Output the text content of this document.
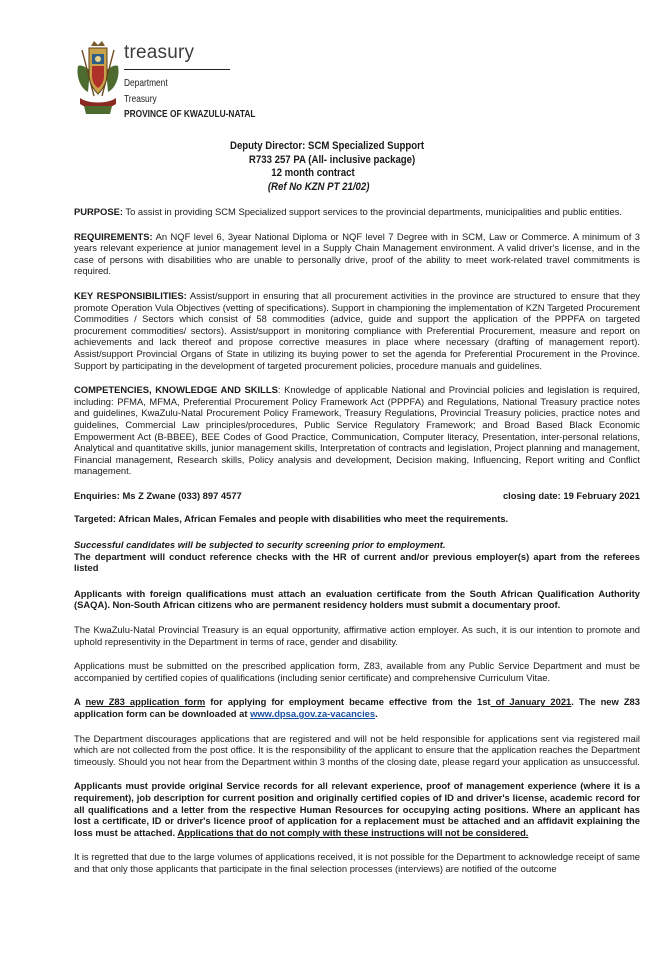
treasury
Department
Treasury
PROVINCE OF KWAZULU-NATAL
Deputy Director: SCM Specialized Support
R733 257 PA (All- inclusive package)
12 month contract
(Ref No KZN PT 21/02)
PURPOSE: To assist in providing SCM Specialized support services to the provincial departments, municipalities and public entities.
REQUIREMENTS: An NQF level 6, 3year National Diploma or NQF level 7 Degree with in SCM, Law or Commerce. A minimum of 3 years relevant experience at junior management level in a Supply Chain Management environment. A valid driver's license, and in the case of persons with disabilities who are unable to personally drive, proof of the ability to meet work-related travel commitments is required.
KEY RESPONSIBILITIES: Assist/support in ensuring that all procurement activities in the province are structured to ensure that they promote Operation Vula Objectives (vetting of specifications). Support in championing the implementation of KZN Targeted Procurement Commodities / Sectors which consist of 58 commodities (advice, guide and support the application of the PPPFA on targeted procurement commodities/ sectors). Assist/support in monitoring compliance with Preferential Procurement, measure and report on achievements and lack thereof and propose corrective measures in place where necessary (drafting of management report). Assist/support Provincial Organs of State in utilizing its buying power to set the agenda for Preferential Procurement in the Province. Support by participating in the development of targeted procurement policies, procedure manuals and guidelines.
COMPETENCIES, KNOWLEDGE AND SKILLS: Knowledge of applicable National and Provincial policies and legislation is required, including: PFMA, MFMA, Preferential Procurement Policy Framework Act (PPPFA) and Regulations, National Treasury practice notes and guidelines, KwaZulu-Natal Procurement Policy Framework, Treasury Regulations, Provincial Treasury policies, practice notes and guidelines, Commercial Law principles/procedures, Public Service Regulatory Framework; and Broad Based Black Economic Empowerment Act (B-BBEE), BEE Codes of Good Practice, Communication, Computer literacy, Presentation, inter-personal relations, Analytical and quantitative skills, junior management skills, Interpretation of contracts and legislation, Project planning and management, Financial management, Research skills, Policy analysis and development, Decision making, Influencing, Report writing and Conflict management.
Enquiries: Ms Z Zwane (033) 897 4577	closing date: 19 February 2021
Targeted: African Males, African Females and people with disabilities who meet the requirements.
Successful candidates will be subjected to security screening prior to employment.
The department will conduct reference checks with the HR of current and/or previous employer(s) apart from the referees listed
Applicants with foreign qualifications must attach an evaluation certificate from the South African Qualification Authority (SAQA). Non-South African citizens who are permanent residency holders must submit a documentary proof.
The KwaZulu-Natal Provincial Treasury is an equal opportunity, affirmative action employer. As such, it is our intention to promote and uphold representivity in the Department in terms of race, gender and disability.
Applications must be submitted on the prescribed application form, Z83, available from any Public Service Department and must be accompanied by certified copies of qualifications (including senior certificate) and comprehensive Curriculum Vitae.
A new Z83 application form for applying for employment became effective from the 1st of January 2021. The new Z83 application form can be downloaded at www.dpsa.gov.za-vacancies.
The Department discourages applications that are registered and will not be held responsible for applications sent via registered mail which are not collected from the post office. It is the responsibility of the applicant to ensure that the application reaches the Department timeously. Should you not hear from the Department within 3 months of the closing date, please regard your application as unsuccessful.
Applicants must provide original Service records for all relevant experience, proof of management experience (where it is a requirement), job description for current position and originally certified copies of ID and driver's license, academic record for all qualifications and a letter from the respective Human Resources for occupying acting positions. Where an applicant has lost a certificate, ID or driver's licence proof of application for a replacement must be attached and an affidavit explaining the loss must be attached. Applications that do not comply with these instructions will not be considered.
It is regretted that due to the large volumes of applications received, it is not possible for the Department to acknowledge receipt of same and that only those applicants that participate in the final selection processes (interviews) are notified of the outcome
